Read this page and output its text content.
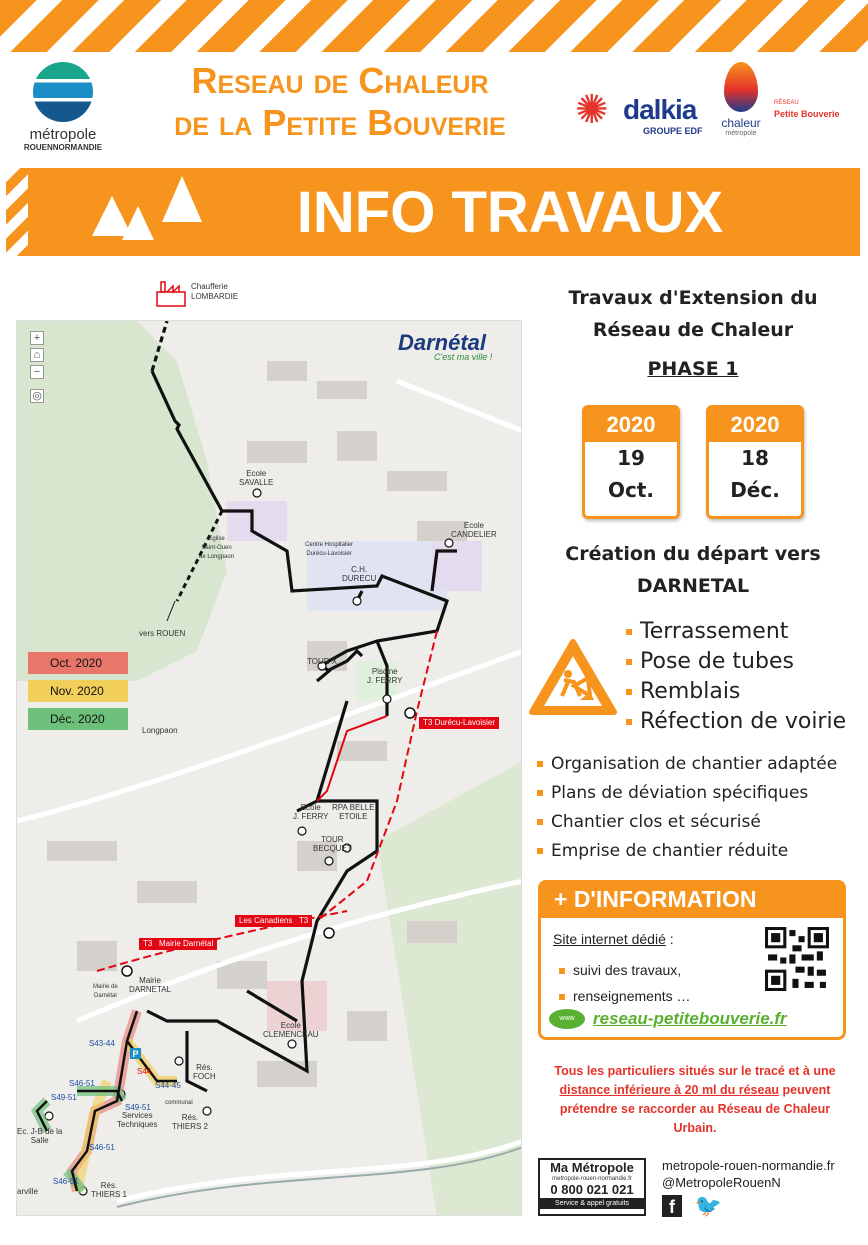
métropole
ROUENNORMANDIE
Reseau de Chaleur
de la Petite Bouverie	✺ dalkia
GROUPE EDF
chaleur
métropole
RÉSEAU
Petite Bouverie
INFO TRAVAUX
Chaufferie
LOMBARDIE
P
+
⌂
−
◎
Ecole
SAVALLE
Ecole
CANDELIER
Centre Hospitalier
Durécu-Lavoisier
C.H.
DURECU
Eglise
Saint-Ouen
de Longpaon
vers ROUEN
TOUR X
Piscine
J. FERRY
Longpaon
Ecole
J. FERRY
RPA BELLE
ETOILE
TOUR
BECQUET
Mairie
DARNETAL
Mairie de
Darnétal
Ecole
CLEMENCEAU
Rés.
FOCH
Services
Techniques
Rés.
THIERS 2
communal
Ec. J-B de la
Salle
Rés.
THIERS 1
arville
T3 Durécu-Lavoisier
Les Canadiens T3
T3 Mairie Darnétal
S43-44
S44
S44-45
S46-51
S49-51
S49-51
S46-51
S46-51
Darnétal
C'est ma ville !
Oct. 2020
Nov. 2020
Déc. 2020
Travaux d'Extension du
Réseau de Chaleur
PHASE 1
2020
19
Oct.
2020
18
Déc.
Création du départ vers
DARNETAL
Terrassement
Pose de tubes
Remblais
Réfection de voirie
Organisation de chantier adaptée
Plans de déviation spécifiques
Chantier clos et sécurisé
Emprise de chantier réduite
+ D'INFORMATION
Site internet dédié :
suivi des travaux,
renseignements …
www	reseau-petitebouverie.fr
Tous les particuliers situés sur le tracé et à une distance inférieure à 20 ml du réseau peuvent prétendre se raccorder au Réseau de Chaleur Urbain.
Ma Métropole
metropole-rouen-normandie.fr
0 800 021 021
Service & appel gratuits
metropole-rouen-normandie.fr
@MetropoleRouenN
f 🐦
